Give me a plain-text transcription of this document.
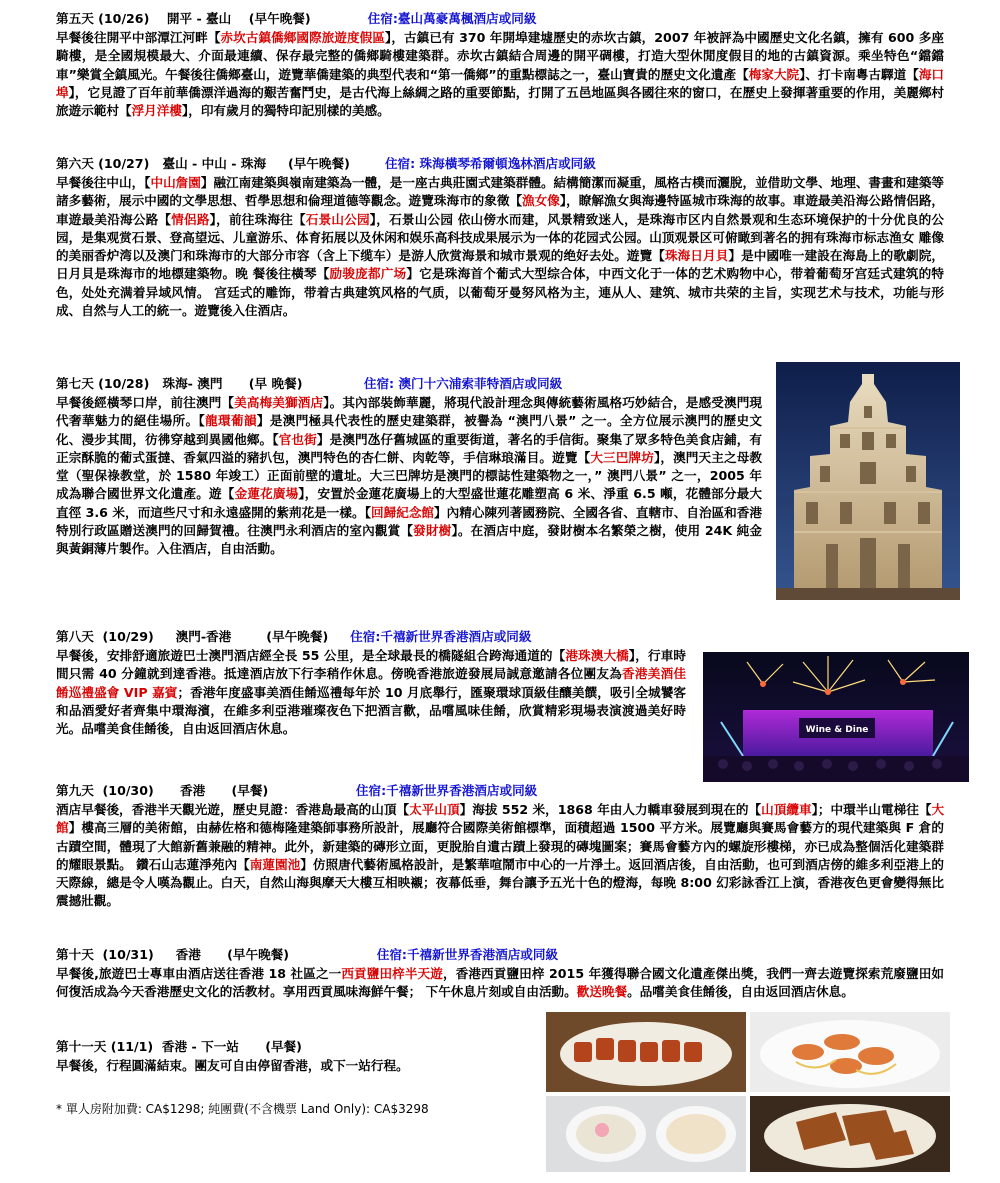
第五天 (10/26)    開平 - 臺山    (早午晚餐)	住宿:臺山萬豪萬楓酒店或同級

早餐後往開平中部潭江河畔【赤坎古鎮僑鄉國際旅遊度假區】，古鎮已有 370 年開埠建墟歷史的赤坎古鎮，2007 年被評為中國歷史文化名鎮，擁有 600 多座騎樓，是全國規模最大、介面最連續、保存最完整的僑鄉騎樓建築群。赤坎古鎮結合周邊的開平碉樓，打造大型休閒度假目的地的古鎮資源。乘坐特色“鐺鐺車”樂賞全鎮風光。午餐後往僑鄉臺山，遊覽華僑建築的典型代表和“第一僑鄉”的重點標誌之一，臺山寶貴的歷史文化遺產【梅家大院】、打卡南粵古驛道【海口埠】，它見證了百年前華僑漂洋過海的艱苦奮鬥史，是古代海上絲綢之路的重要節點，打開了五邑地區與各國往來的窗口，在歷史上發揮著重要的作用，美麗鄉村旅遊示範村【浮月洋樓】，印有歲月的獨特印記別樣的美感。

第六天 (10/27)   臺山 - 中山 - 珠海     (早午晚餐)	住宿: 珠海橫琴希爾頓逸林酒店或同級

早餐後往中山，【中山詹園】融江南建築與嶺南建築為一體，是一座古典莊園式建築群體。結構簡潔而凝重，風格古樸而灑脫，並借助文學、地理、書畫和建築等諸多藝術，展示中國的文學思想、哲學思想和倫理道德等觀念。遊覽珠海市的象徵【漁女像】，瞭解漁女與海邊特區城市珠海的故事。車遊最美沿海公路情侶路，車遊最美沿海公路【情侶路】，前往珠海往【石景山公园】，石景山公园 依山傍水而建，风景精致迷人，是珠海市区内自然景观和生态环境保护的十分优良的公园，是集观赏石景、登高望远、儿童游乐、体育拓展以及休闲和娱乐高科技成果展示为一体的花园式公园。山顶观景区可俯瞰到著名的拥有珠海市标志渔女 雕像的美丽香炉湾以及澳门和珠海市的大部分市容（含上下缆车）是游人欣赏海景和城市景观的绝好去处。遊覽【珠海日月貝】是中國唯一建設在海島上的歌劇院，日月貝是珠海市的地標建築物。晚 餐後往橫琴【励骏庞都广场】它是珠海首个葡式大型综合体，中西文化于一体的艺术购物中心，带着葡萄牙宫廷式建筑的特色，处处充满着异域风情。 宫廷式的雕饰，带着古典建筑风格的气质，以葡萄牙曼努风格为主，連从人、建筑、城市共荣的主旨，实现艺术与技术，功能与形成、自然与人工的統一。遊覽後入住酒店。

第七天 (10/28)   珠海- 澳門      (早 晚餐)	住宿: 澳门十六浦索菲特酒店或同級

早餐後經橫琴口岸，前往澳門【美高梅美獅酒店】。其內部裝飾華麗，將現代設計理念與傳統藝術風格巧妙結合，是感受澳門現代奢華魅力的絕佳場所。【龍環葡韻】是澳門極具代表性的歷史建築群，被譽為 “澳門八景” 之一。全方位展示澳門的歷史文化、漫步其間，彷彿穿越到異國他鄉。【官也街】是澳門氹仔舊城區的重要街道，著名的手信街。聚集了眾多特色美食店鋪，有正宗酥脆的葡式蛋撻、香氣四溢的豬扒包，澳門特色的杏仁餅、肉乾等，手信琳琅滿目。遊覽【大三巴牌坊】，澳門天主之母教堂（聖保祿教堂，於 1580 年竣工）正面前壁的遺址。大三巴牌坊是澳門的標誌性建築物之一，” 澳門八景” 之一，2005 年成為聯合國世界文化遺產。遊【金蓮花廣場】，安置於金蓮花廣場上的大型盛世蓮花雕塑高 6 米、淨重 6.5 噸，花體部分最大直徑 3.6 米，而這些尺寸和永遠盛開的紫荊花是一樣。【回歸紀念館】內精心陳列著國務院、全國各省、直轄市、自治區和香港特別行政區贈送澳門的回歸賀禮。往澳門永利酒店的室內觀賞【發財樹】。在酒店中庭，發財樹本名繁榮之樹，使用 24K 純金與黃銅薄片製作。入住酒店，自由活動。

第八天  (10/29)     澳門-香港        (早午晚餐) 住宿:千禧新世界香港酒店或同級

早餐後，安排舒適旅遊巴士澳門酒店經全長 55 公里，是全球最長的橋隧組合跨海通道的【港珠澳大橋】，行車時間只需 40 分鐘就到達香港。抵達酒店放下行李稍作休息。傍晚香港旅遊發展局誠意邀請各位團友為香港美酒佳餚巡禮盛會 VIP 嘉賓；香港年度盛事美酒佳餚巡禮每年於 10 月底舉行，匯聚環球頂級佳釀美饌，吸引全城饕客和品酒愛好者齊集中環海濱，在維多利亞港璀璨夜色下把酒言歡，品嚐風味佳餚，欣賞精彩現場表演渡過美好時光。品嚐美食佳餚後，自由返回酒店休息。

第九天  (10/30)      香港      (早餐)	住宿:千禧新世界香港酒店或同級

酒店早餐後，香港半天觀光遊，歷史見證：香港島最高的山頂【太平山頂】海拔 552 米，1868 年由人力轎車發展到現在的【山頂纜車】；中環半山電梯往【大館】樓高三層的美術館，由赫佐格和德梅隆建築師事務所設計，展廳符合國際美術館標準，面積超過 1500 平方米。展覽廳與賽馬會藝方的現代建築與 F 倉的古蹟空間，體現了大館新舊兼融的精神。此外，新建築的磚形立面，更脫胎自遺古蹟上發現的磚塊圖案；賽馬會藝方內的螺旋形樓梯，亦已成為整個活化建築群的耀眼景點。 鑽石山志蓮淨苑內【南蓮園池】仿照唐代藝術風格設計，是繁華喧鬧市中心的一片淨土。返回酒店後，自由活動，也可到酒店傍的維多利亞港上的天際線，總是令人嘆為觀止。白天，自然山海與摩天大樓互相映襯；夜幕低垂，舞台讓予五光十色的燈海，每晚 8:00 幻彩詠香江上演，香港夜色更會變得無比震撼壯觀。

第十天  (10/31)     香港      (早午晚餐)	住宿:千禧新世界香港酒店或同級

早餐後,旅遊巴士專車由酒店送往香港 18 社區之一西貢鹽田梓半天遊，香港西貢鹽田梓 2015 年獲得聯合國文化遺產傑出獎，我們一齊去遊覽探索荒廢鹽田如何復活成為今天香港歷史文化的活教材。享用西貢風味海鮮午餐； 下午休息片刻或自由活動。歡送晚餐。品嚐美食佳餚後，自由返回酒店休息。

第十一天 (11/1)  香港 - 下一站      (早餐)

早餐後，行程圓滿結束。團友可自由停留香港，或下一站行程。

* 單人房附加費: CA$1298; 純團費(不含機票 Land Only): CA$3298
Wine & Dine
